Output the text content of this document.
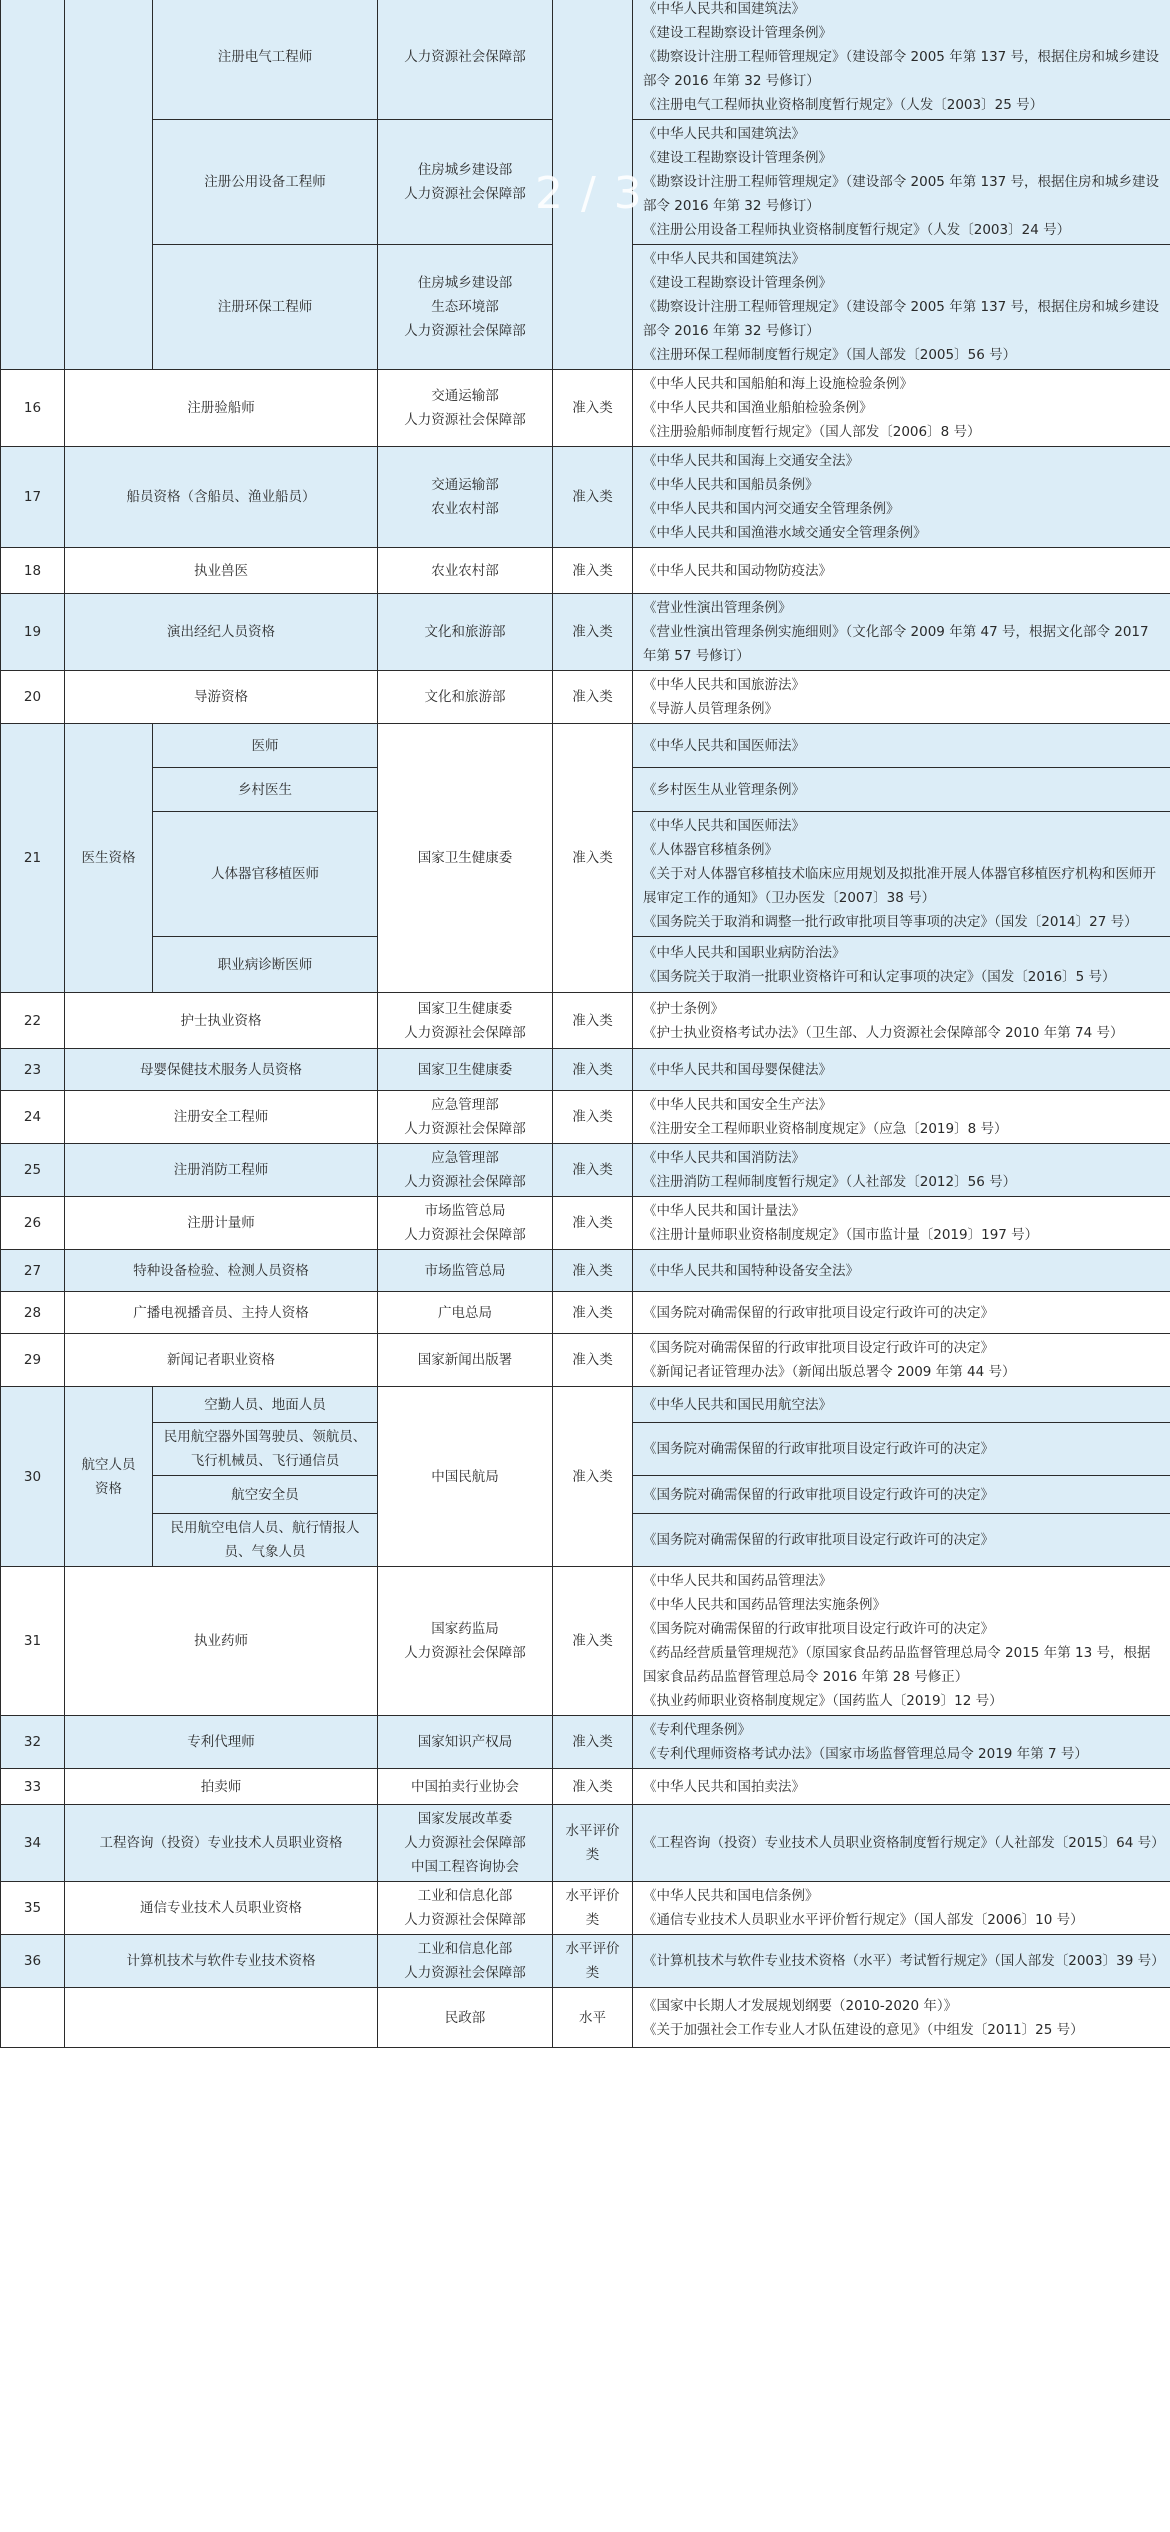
		注册电气工程师	人力资源社会保障部		《中华人民共和国建筑法》
《建设工程勘察设计管理条例》
《勘察设计注册工程师管理规定》（建设部令 2005 年第 137 号，根据住房和城乡建设部令 2016 年第 32 号修订）
《注册电气工程师执业资格制度暂行规定》（人发〔2003〕25 号）

		注册公用设备工程师	住房城乡建设部
人力资源社会保障部		《中华人民共和国建筑法》
《建设工程勘察设计管理条例》
《勘察设计注册工程师管理规定》（建设部令 2005 年第 137 号，根据住房和城乡建设部令 2016 年第 32 号修订）
《注册公用设备工程师执业资格制度暂行规定》（人发〔2003〕24 号）

		注册环保工程师	住房城乡建设部
生态环境部
人力资源社会保障部		《中华人民共和国建筑法》
《建设工程勘察设计管理条例》
《勘察设计注册工程师管理规定》（建设部令 2005 年第 137 号，根据住房和城乡建设部令 2016 年第 32 号修订）
《注册环保工程师制度暂行规定》（国人部发〔2005〕56 号）

16	注册验船师		交通运输部
人力资源社会保障部	准入类	《中华人民共和国船舶和海上设施检验条例》
《中华人民共和国渔业船舶检验条例》
《注册验船师制度暂行规定》（国人部发〔2006〕8 号）

17	船员资格（含船员、渔业船员）		交通运输部
农业农村部	准入类	《中华人民共和国海上交通安全法》
《中华人民共和国船员条例》
《中华人民共和国内河交通安全管理条例》
《中华人民共和国渔港水域交通安全管理条例》

18	执业兽医		农业农村部	准入类	《中华人民共和国动物防疫法》

19	演出经纪人员资格		文化和旅游部	准入类	《营业性演出管理条例》
《营业性演出管理条例实施细则》（文化部令 2009 年第 47 号，根据文化部令 2017 年第 57 号修订）

20	导游资格		文化和旅游部	准入类	《中华人民共和国旅游法》
《导游人员管理条例》

21	医生资格	医师	国家卫生健康委	准入类	《中华人民共和国医师法》

		乡村医生			《乡村医生从业管理条例》

		人体器官移植医师			《中华人民共和国医师法》
《人体器官移植条例》
《关于对人体器官移植技术临床应用规划及拟批准开展人体器官移植医疗机构和医师开展审定工作的通知》（卫办医发〔2007〕38 号）
《国务院关于取消和调整一批行政审批项目等事项的决定》（国发〔2014〕27 号）

		职业病诊断医师			《中华人民共和国职业病防治法》
《国务院关于取消一批职业资格许可和认定事项的决定》（国发〔2016〕5 号）

22	护士执业资格		国家卫生健康委
人力资源社会保障部	准入类	《护士条例》
《护士执业资格考试办法》（卫生部、人力资源社会保障部令 2010 年第 74 号）

23	母婴保健技术服务人员资格		国家卫生健康委	准入类	《中华人民共和国母婴保健法》

24	注册安全工程师		应急管理部
人力资源社会保障部	准入类	《中华人民共和国安全生产法》
《注册安全工程师职业资格制度规定》（应急〔2019〕8 号）

25	注册消防工程师		应急管理部
人力资源社会保障部	准入类	《中华人民共和国消防法》
《注册消防工程师制度暂行规定》（人社部发〔2012〕56 号）

26	注册计量师		市场监管总局
人力资源社会保障部	准入类	《中华人民共和国计量法》
《注册计量师职业资格制度规定》（国市监计量〔2019〕197 号）

27	特种设备检验、检测人员资格		市场监管总局	准入类	《中华人民共和国特种设备安全法》

28	广播电视播音员、主持人资格		广电总局	准入类	《国务院对确需保留的行政审批项目设定行政许可的决定》

29	新闻记者职业资格		国家新闻出版署	准入类	《国务院对确需保留的行政审批项目设定行政许可的决定》
《新闻记者证管理办法》（新闻出版总署令 2009 年第 44 号）

30	航空人员资格	空勤人员、地面人员	中国民航局	准入类	《中华人民共和国民用航空法》

		民用航空器外国驾驶员、领航员、飞行机械员、飞行通信员			《国务院对确需保留的行政审批项目设定行政许可的决定》

		航空安全员			《国务院对确需保留的行政审批项目设定行政许可的决定》

		民用航空电信人员、航行情报人员、气象人员			《国务院对确需保留的行政审批项目设定行政许可的决定》

31	执业药师		国家药监局
人力资源社会保障部	准入类	《中华人民共和国药品管理法》
《中华人民共和国药品管理法实施条例》
《国务院对确需保留的行政审批项目设定行政许可的决定》
《药品经营质量管理规范》（原国家食品药品监督管理总局令 2015 年第 13 号，根据国家食品药品监督管理总局令 2016 年第 28 号修正）
《执业药师职业资格制度规定》（国药监人〔2019〕12 号）

32	专利代理师		国家知识产权局	准入类	《专利代理条例》
《专利代理师资格考试办法》（国家市场监督管理总局令 2019 年第 7 号）

33	拍卖师		中国拍卖行业协会	准入类	《中华人民共和国拍卖法》

34	工程咨询（投资）专业技术人员职业资格		国家发展改革委
人力资源社会保障部
中国工程咨询协会	水平评价类	《工程咨询（投资）专业技术人员职业资格制度暂行规定》（人社部发〔2015〕64 号）

35	通信专业技术人员职业资格		工业和信息化部
人力资源社会保障部	水平评价类	《中华人民共和国电信条例》
《通信专业技术人员职业水平评价暂行规定》（国人部发〔2006〕10 号）

36	计算机技术与软件专业技术资格		工业和信息化部
人力资源社会保障部	水平评价类	《计算机技术与软件专业技术资格（水平）考试暂行规定》（国人部发〔2003〕39 号）

			民政部	水平	《国家中长期人才发展规划纲要（2010-2020 年）》
《关于加强社会工作专业人才队伍建设的意见》（中组发〔2011〕25 号）
2 / 3
